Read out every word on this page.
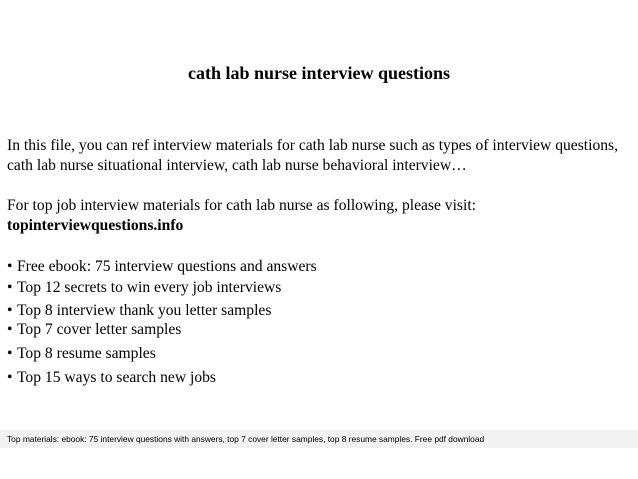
cath lab nurse interview questions
In this file, you can ref interview materials for cath lab nurse such as types of interview questions, cath lab nurse situational interview, cath lab nurse behavioral interview…
For top job interview materials for cath lab nurse as following, please visit:
topinterviewquestions.info
• Free ebook: 75 interview questions and answers
• Top 12 secrets to win every job interviews
• Top 8 interview thank you letter samples
• Top 7 cover letter samples
• Top 8 resume samples
• Top 15 ways to search new jobs
Top materials: ebook: 75 interview questions with answers, top 7 cover letter samples, top 8 resume samples. Free pdf download
